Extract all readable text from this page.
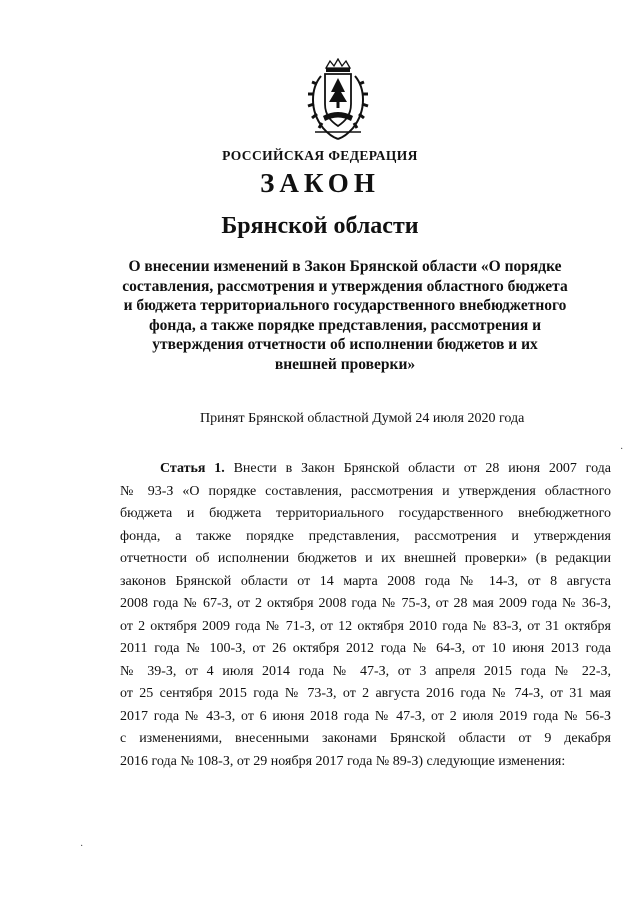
РОССИЙСКАЯ ФЕДЕРАЦИЯ
ЗАКОН
Брянской области
О внесении изменений в Закон Брянской области «О порядке
составления, рассмотрения и утверждения областного бюджета
и бюджета территориального государственного внебюджетного
фонда, а также порядке представления, рассмотрения и
утверждения отчетности об исполнении бюджетов и их
внешней проверки»
Принят Брянской областной Думой 24 июля 2020 года
Статья 1. Внести в Закон Брянской области от 28 июня 2007 года
№ 93-З «О порядке составления, рассмотрения и утверждения областного
бюджета и бюджета территориального государственного внебюджетного
фонда, а также порядке представления, рассмотрения и утверждения
отчетности об исполнении бюджетов и их внешней проверки» (в редакции
законов Брянской области от 14 марта 2008 года № 14-З, от 8 августа
2008 года № 67-З, от 2 октября 2008 года № 75-З, от 28 мая 2009 года № 36-З,
от 2 октября 2009 года № 71-З, от 12 октября 2010 года № 83-З, от 31 октября
2011 года № 100-З, от 26 октября 2012 года № 64-З, от 10 июня 2013 года
№ 39-З, от 4 июля 2014 года № 47-З, от 3 апреля 2015 года № 22-З,
от 25 сентября 2015 года № 73-З, от 2 августа 2016 года № 74-З, от 31 мая
2017 года № 43-З, от 6 июня 2018 года № 47-З, от 2 июля 2019 года № 56-З
с изменениями, внесенными законами Брянской области от 9 декабря
2016 года № 108-З, от 29 ноября 2017 года № 89-З) следующие изменения:
·
·
